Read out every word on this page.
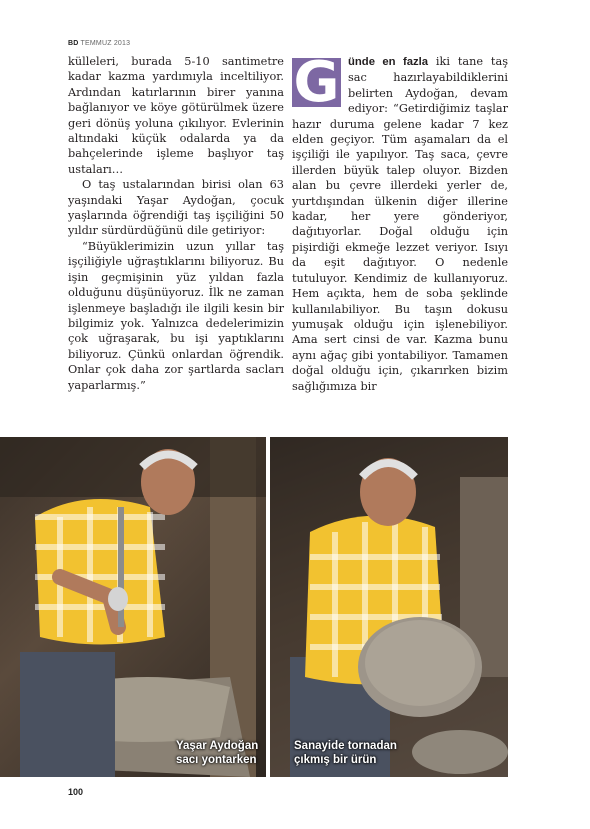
BD TEMMUZ 2013

külleleri, burada 5-10 santimetre kadar kazma yardımıyla inceltiliyor. Ardından katırlarının birer yanına bağlanıyor ve köye götürülmek üzere geri dönüş yoluna çıkılıyor. Evlerinin altındaki küçük odalarda ya da bahçelerinde işleme başlıyor taş ustaları…

O taş ustalarından birisi olan 63 yaşındaki Yaşar Aydoğan, çocuk yaşlarında öğrendiği taş işçiliğini 50 yıldır sürdürdüğünü dile getiriyor:

“Büyüklerimizin uzun yıllar taş işçiliğiyle uğraştıklarını biliyoruz. Bu işin geçmişinin yüz yıldan fazla olduğunu düşünüyoruz. İlk ne zaman işlenmeye başladığı ile ilgili kesin bir bilgimiz yok. Yalnızca dedelerimizin çok uğraşarak, bu işi yaptıklarını biliyoruz. Çünkü onlardan öğrendik. Onlar çok daha zor şartlarda sacları yaparlarmış.”

G ünde en fazla iki tane taş sac hazırlayabildiklerini belirten Aydoğan, devam ediyor: “Getirdiğimiz taşlar hazır duruma gelene kadar 7 kez elden geçiyor. Tüm aşamaları da el işçiliği ile yapılıyor. Taş saca, çevre illerden büyük talep oluyor. Bizden alan bu çevre illerdeki yerler de, yurtdışından ülkenin diğer illerine kadar, her yere gönderiyor, dağıtıyorlar. Doğal olduğu için pişirdiği ekmeğe lezzet veriyor. Isıyı da eşit dağıtıyor. O nedenle tutuluyor. Kendimiz de kullanıyoruz. Hem açıkta, hem de soba şeklinde kullanılabiliyor. Bu taşın dokusu yumuşak olduğu için işlenebiliyor. Ama sert cinsi de var. Kazma bunu aynı ağaç gibi yontabiliyor. Tamamen doğal olduğu için, çıkarırken bizim sağlığımıza bir

Yaşar Aydoğan
sacı yontarken
Sanayide tornadan
çıkmış bir ürün
100
